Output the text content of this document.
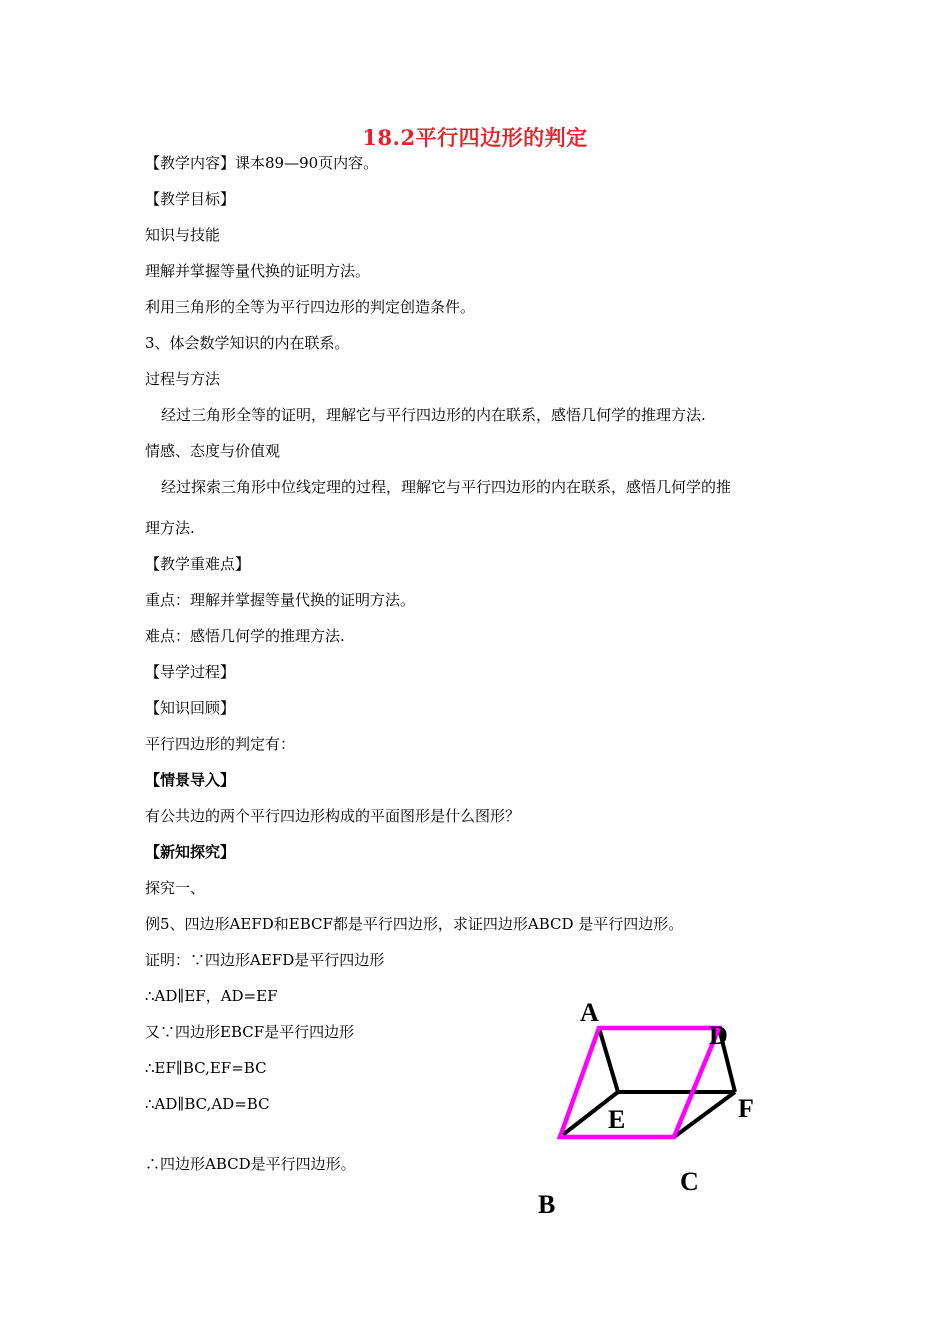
18.2平行四边形的判定
【教学内容】课本89—90页内容。
【教学目标】
知识与技能
理解并掌握等量代换的证明方法。
利用三角形的全等为平行四边形的判定创造条件。
3、体会数学知识的内在联系。
过程与方法
经过三角形全等的证明，理解它与平行四边形的内在联系，感悟几何学的推理方法.
情感、态度与价值观
经过探索三角形中位线定理的过程，理解它与平行四边形的内在联系，感悟几何学的推
理方法.
【教学重难点】
重点：理解并掌握等量代换的证明方法。
难点：感悟几何学的推理方法.
【导学过程】
【知识回顾】
平行四边形的判定有：
【情景导入】
有公共边的两个平行四边形构成的平面图形是什么图形？
【新知探究】
探究一、
例5、四边形AEFD和EBCF都是平行四边形，求证四边形ABCD 是平行四边形。
证明：∵四边形AEFD是平行四边形
∴AD∥EF，AD=EF
又∵四边形EBCF是平行四边形
∴EF∥BC,EF=BC
∴AD∥BC,AD=BC
∴四边形ABCD是平行四边形。
A
D
F
E
C
B
